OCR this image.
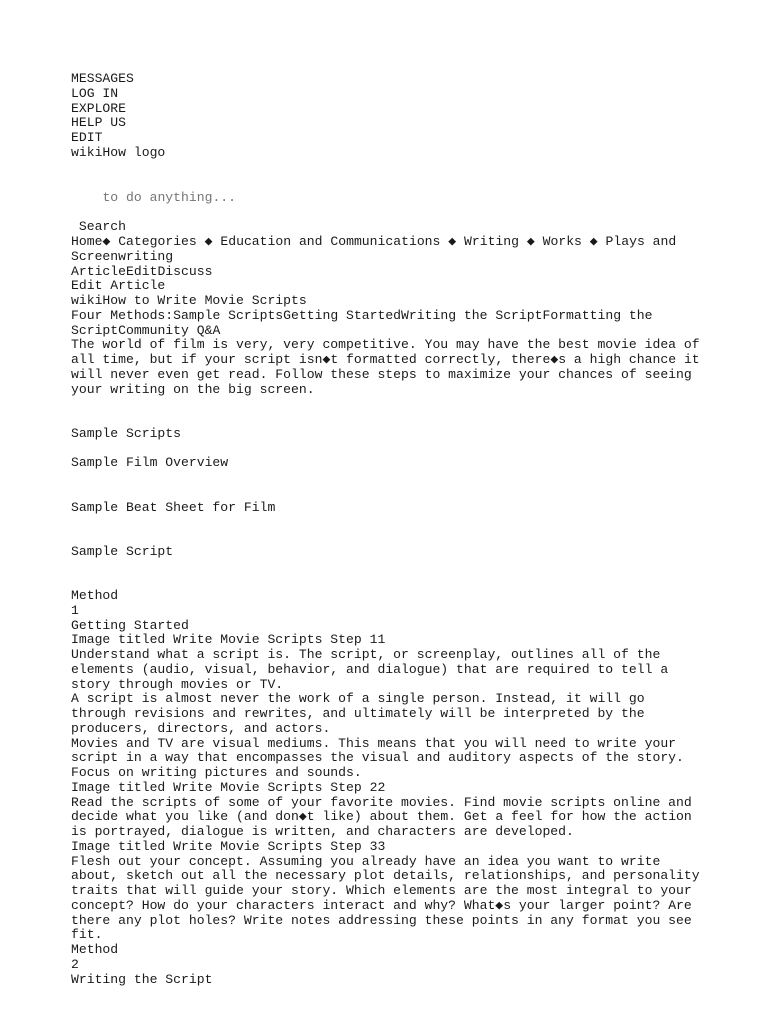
MESSAGES
LOG IN
EXPLORE
HELP US
EDIT
wikiHow logo

to do anything...

Search
Home◆ Categories ◆ Education and Communications ◆ Writing ◆ Works ◆ Plays and Screenwriting
ArticleEditDiscuss
Edit Article
wikiHow to Write Movie Scripts
Four Methods:Sample ScriptsGetting StartedWriting the ScriptFormatting the ScriptCommunity Q&A
The world of film is very, very competitive. You may have the best movie idea of all time, but if your script isn◆t formatted correctly, there◆s a high chance it will never even get read. Follow these steps to maximize your chances of seeing your writing on the big screen.
Sample Scripts
Sample Film Overview
Sample Beat Sheet for Film
Sample Script
Method
1
Getting Started
Image titled Write Movie Scripts Step 11
Understand what a script is. The script, or screenplay, outlines all of the elements (audio, visual, behavior, and dialogue) that are required to tell a story through movies or TV.
A script is almost never the work of a single person. Instead, it will go through revisions and rewrites, and ultimately will be interpreted by the producers, directors, and actors.
Movies and TV are visual mediums. This means that you will need to write your script in a way that encompasses the visual and auditory aspects of the story. Focus on writing pictures and sounds.
Image titled Write Movie Scripts Step 22
Read the scripts of some of your favorite movies. Find movie scripts online and decide what you like (and don◆t like) about them. Get a feel for how the action is portrayed, dialogue is written, and characters are developed.
Image titled Write Movie Scripts Step 33
Flesh out your concept. Assuming you already have an idea you want to write about, sketch out all the necessary plot details, relationships, and personality traits that will guide your story. Which elements are the most integral to your concept? How do your characters interact and why? What◆s your larger point? Are there any plot holes? Write notes addressing these points in any format you see fit.
Method
2
Writing the Script
